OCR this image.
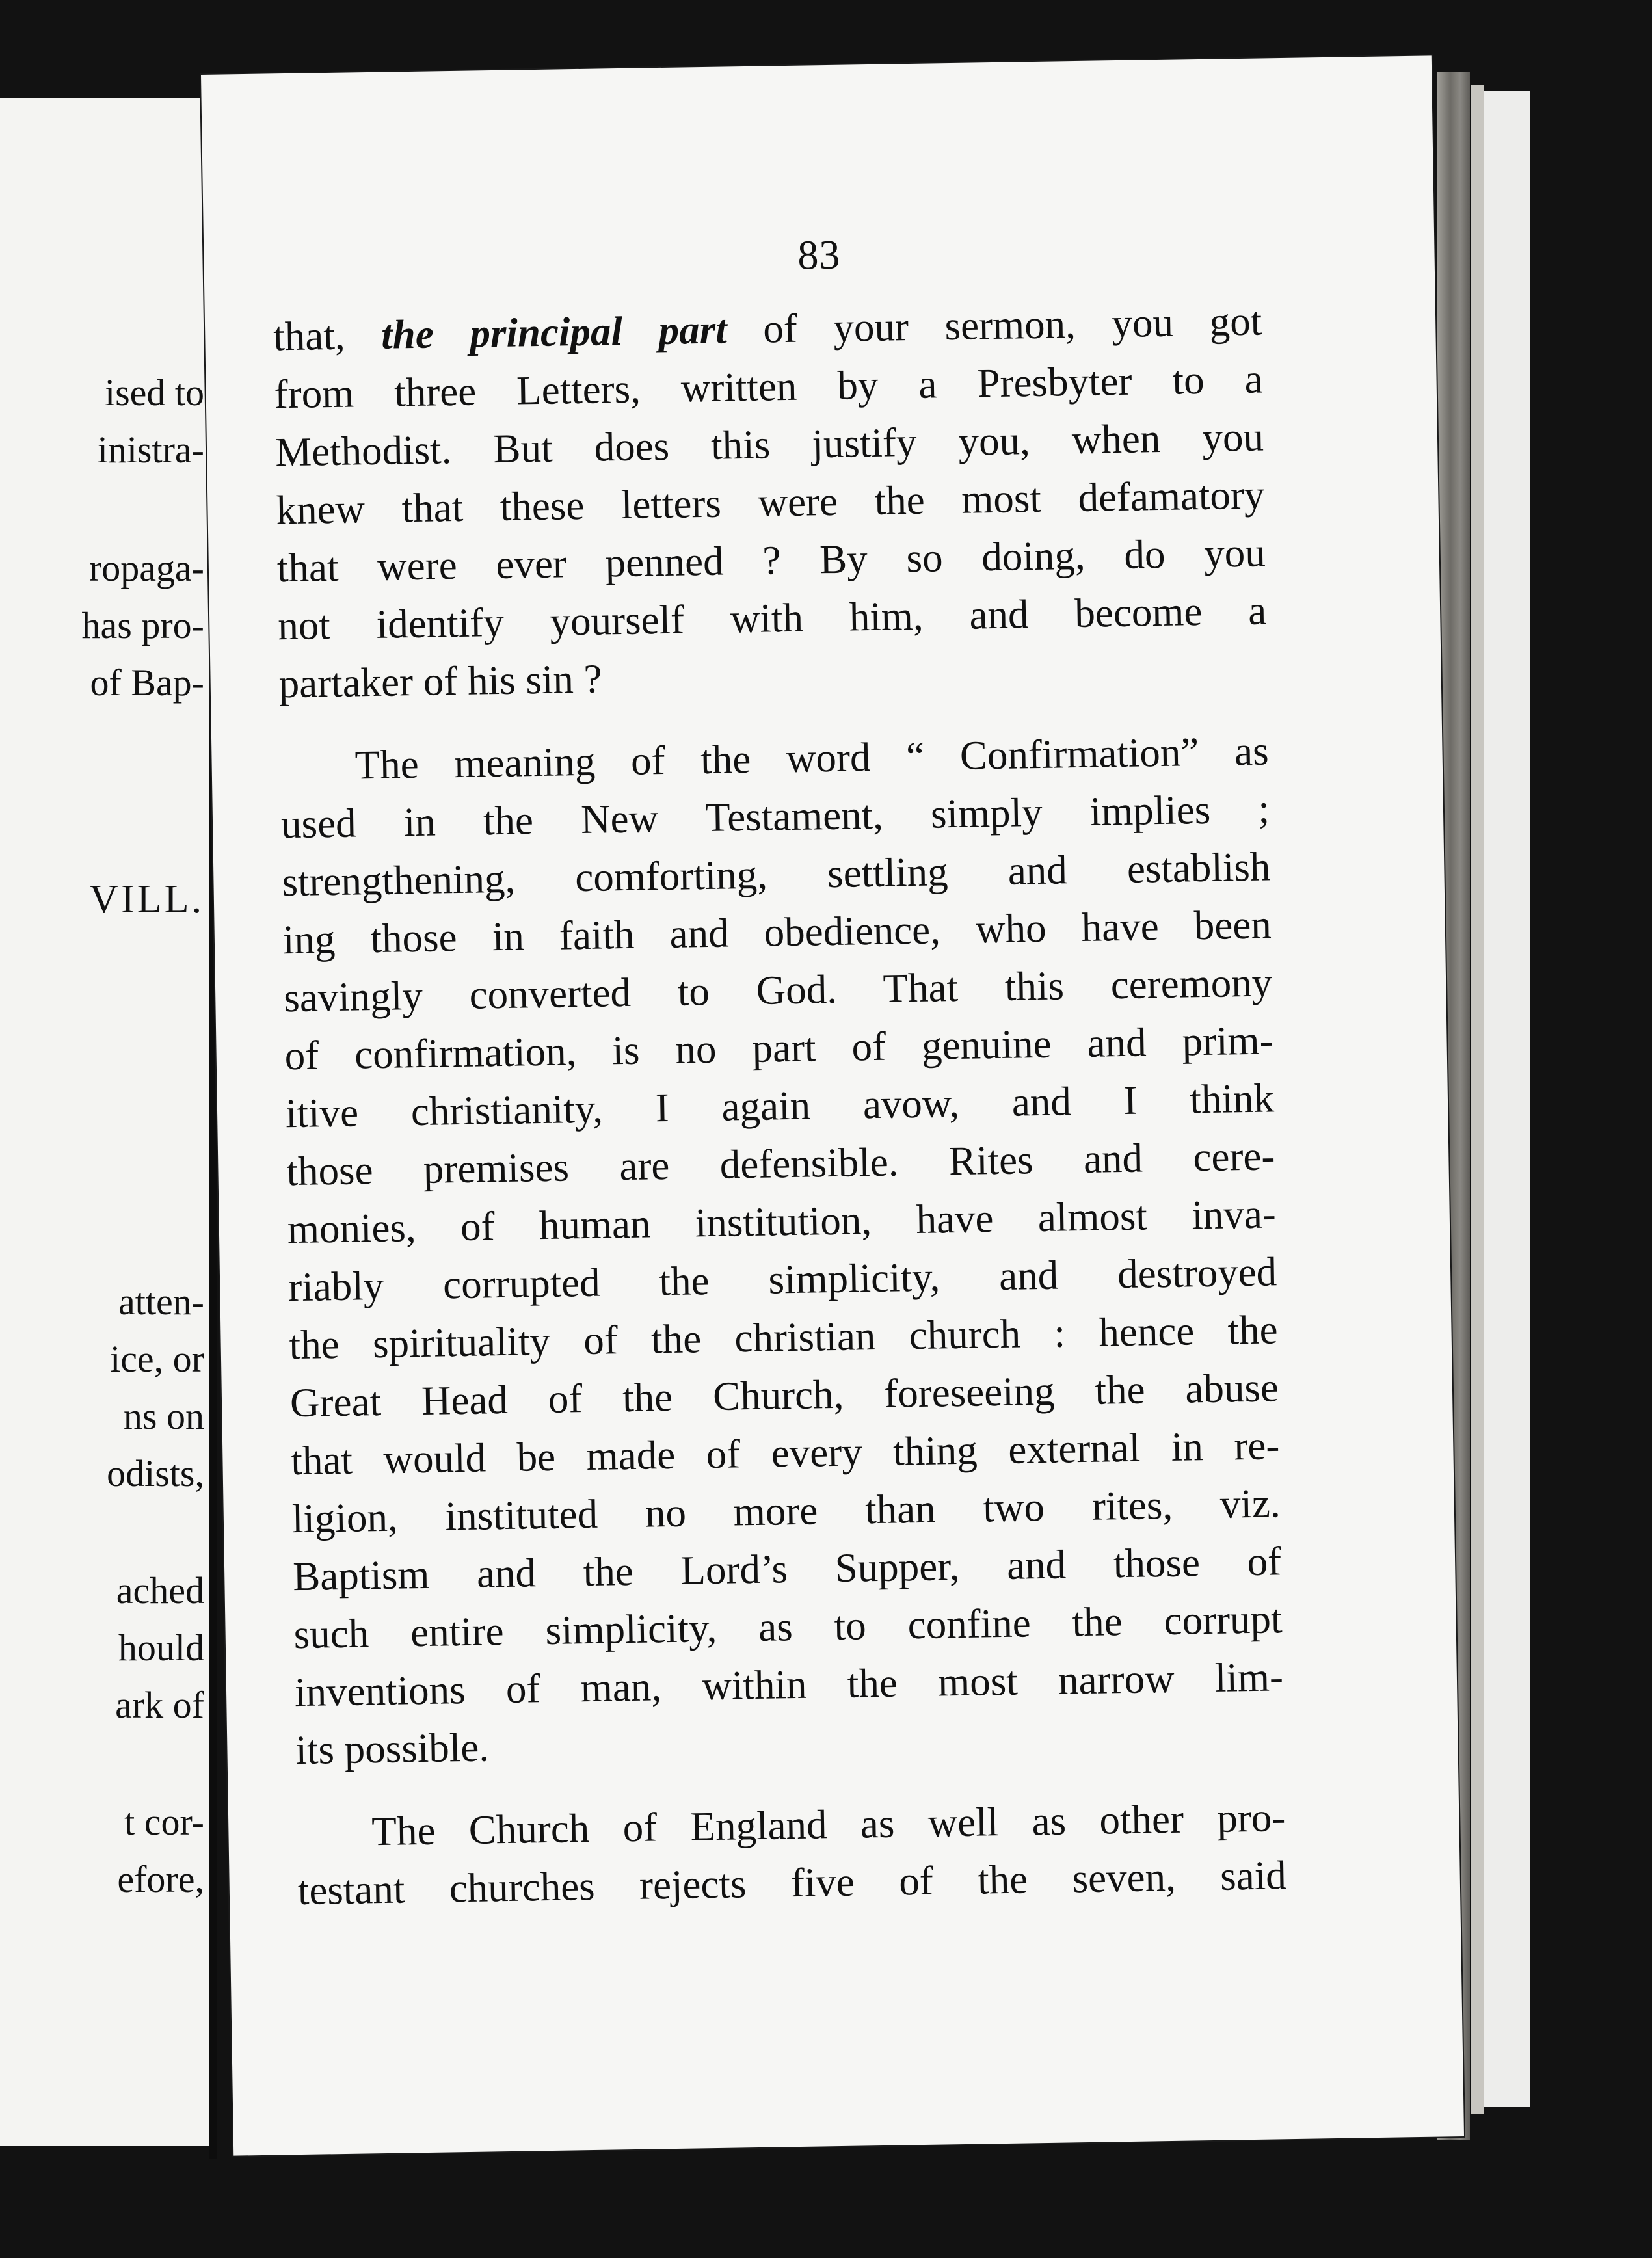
ised to
inistra-
ropaga-
has pro-
of Bap-
VILL.
atten-
ice, or
ns on
odists,
ached
hould
ark of
t cor-
efore,
83
that, the principal part of your sermon, you got
from three Letters, written by a Presbyter to a
Methodist. But does this justify you, when you
knew that these letters were the most defamatory
that were ever penned ? By so doing, do you
not identify yourself with him, and become a
partaker of his sin ?
The meaning of the word “ Confirmation” as
used in the New Testament, simply implies ;
strengthening, comforting, settling and establish
ing those in faith and obedience, who have been
savingly converted to God. That this ceremony
of confirmation, is no part of genuine and prim-
itive christianity, I again avow, and I think
those premises are defensible. Rites and cere-
monies, of human institution, have almost inva-
riably corrupted the simplicity, and destroyed
the spirituality of the christian church : hence the
Great Head of the Church, foreseeing the abuse
that would be made of every thing external in re-
ligion, instituted no more than two rites, viz.
Baptism and the Lord’s Supper, and those of
such entire simplicity, as to confine the corrupt
inventions of man, within the most narrow lim-
its possible.
The Church of England as well as other pro-
testant churches rejects five of the seven, said
